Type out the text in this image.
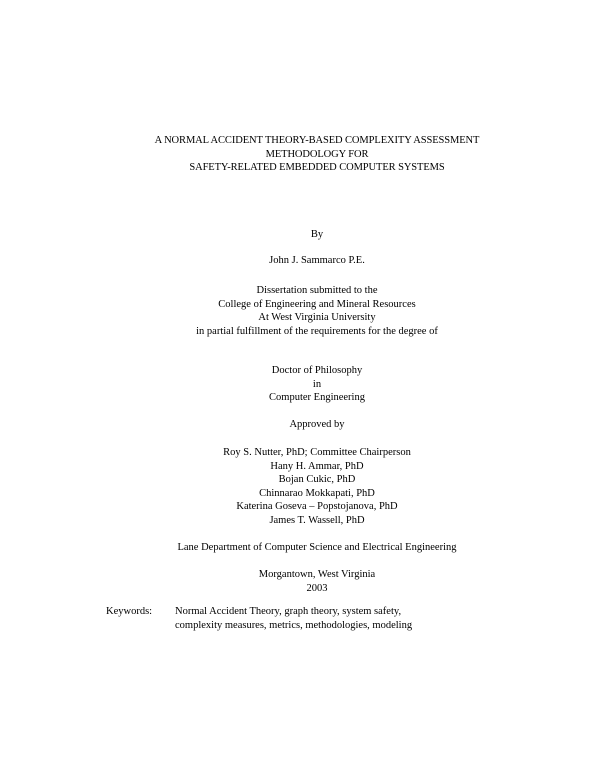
A NORMAL ACCIDENT THEORY-BASED COMPLEXITY ASSESSMENT
METHODOLOGY FOR
SAFETY-RELATED EMBEDDED COMPUTER SYSTEMS
By
John J. Sammarco P.E.
Dissertation submitted to the
College of Engineering and Mineral Resources
At West Virginia University
in partial fulfillment of the requirements for the degree of
Doctor of Philosophy
in
Computer Engineering
Approved by
Roy S. Nutter, PhD; Committee Chairperson
Hany H. Ammar, PhD
Bojan Cukic, PhD
Chinnarao Mokkapati, PhD
Katerina Goseva – Popstojanova, PhD
James T. Wassell, PhD
Lane Department of Computer Science and Electrical Engineering
Morgantown, West Virginia
2003
Keywords: Normal Accident Theory, graph theory, system safety,
complexity measures, metrics, methodologies, modeling
